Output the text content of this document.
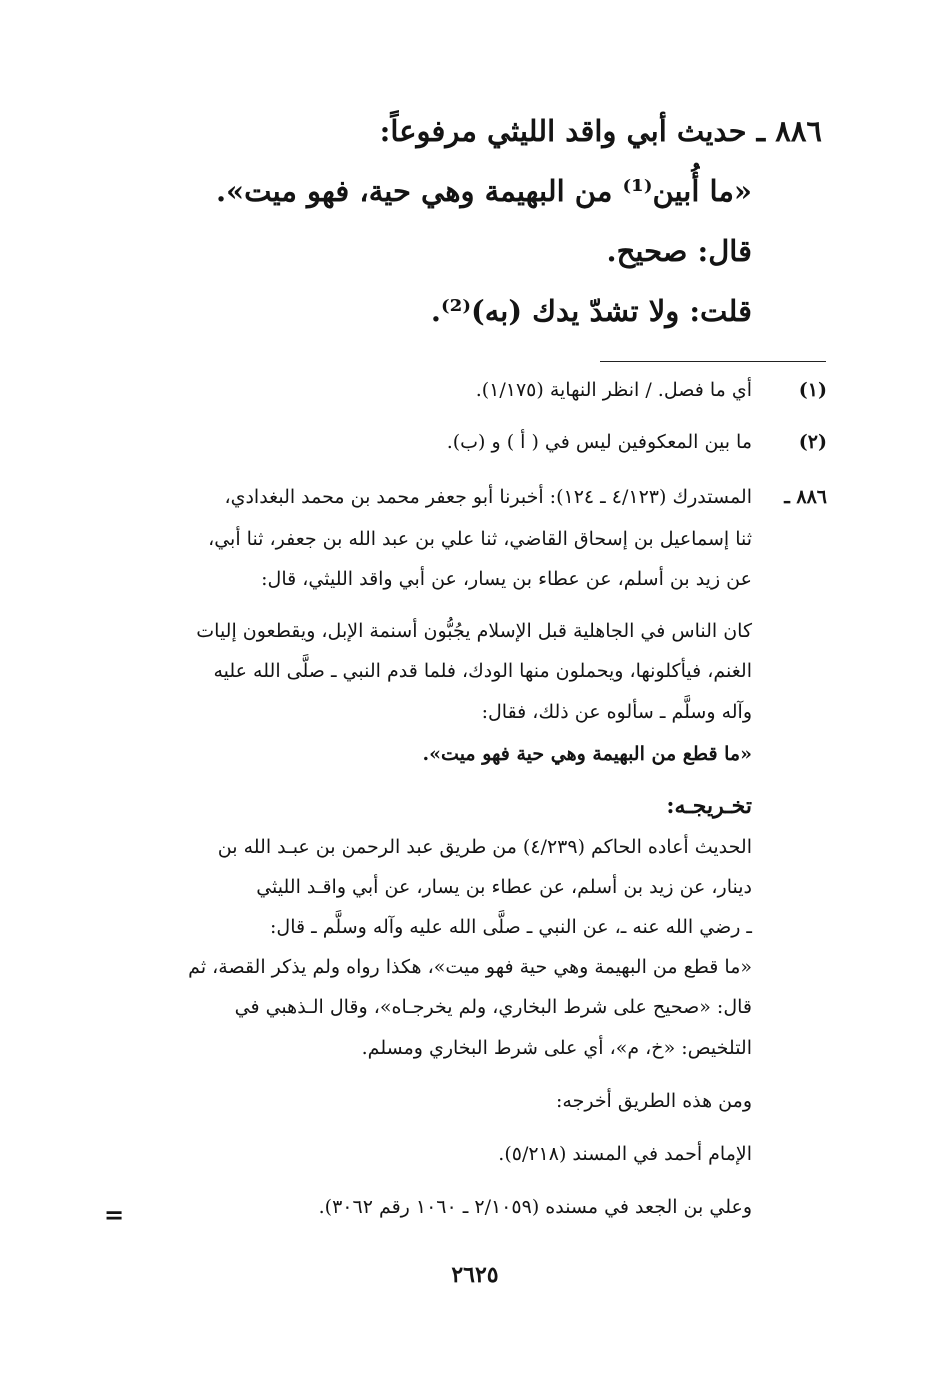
٨٨٦ ـ حديث أبي واقد الليثي مرفوعاً:
«ما أُبين⁽¹⁾ من البهيمة وهي حية، فهو ميت».
قال: صحيح.
قلت: ولا تشدّ يدك (به)⁽²⁾.
(١)
أي ما فصل. / انظر النهاية (١/١٧٥).
(٢)
ما بين المعكوفين ليس في ( أ ) و (ب).
٨٨٦ ـ
المستدرك (٤/١٢٣ ـ ١٢٤): أخبرنا أبو جعفر محمد بن محمد البغدادي،
ثنا إسماعيل بن إسحاق القاضي، ثنا علي بن عبد الله بن جعفر، ثنا أبي،
عن زيد بن أسلم، عن عطاء بن يسار، عن أبي واقد الليثي، قال:
كان الناس في الجاهلية قبل الإسلام يجُبُّون أسنمة الإبل، ويقطعون إليات
الغنم، فيأكلونها، ويحملون منها الودك، فلما قدم النبي ـ صلَّى الله عليه
وآله وسلَّم ـ سألوه عن ذلك، فقال:
«ما قطع من البهيمة وهي حية فهو ميت».
تخـريجـه:
الحديث أعاده الحاكم (٤/٢٣٩) من طريق عبد الرحمن بن عبـد الله بن
دينار، عن زيد بن أسلم، عن عطاء بن يسار، عن أبي واقـد الليثي
ـ رضي الله عنه ـ، عن النبي ـ صلَّى الله عليه وآله وسلَّم ـ قال:
«ما قطع من البهيمة وهي حية فهو ميت»، هكذا رواه ولم يذكر القصة، ثم
قال: «صحيح على شرط البخاري، ولم يخرجـاه»، وقال الـذهبي في
التلخيص: «خ، م»، أي على شرط البخاري ومسلم.
ومن هذه الطريق أخرجه:
الإمام أحمد في المسند (٥/٢١٨).
وعلي بن الجعد في مسنده (٢/١٠٥٩ ـ ١٠٦٠ رقم ٣٠٦٢).
=
٢٦٢٥
